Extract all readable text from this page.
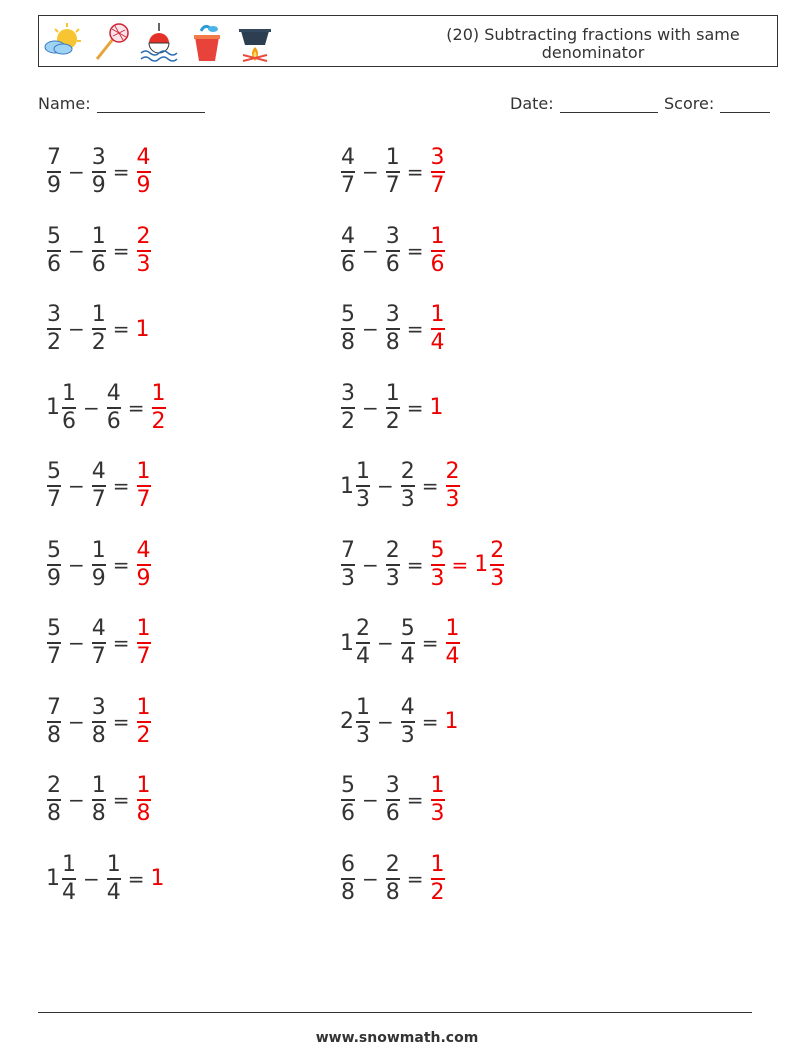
(20) Subtracting fractions with same denominator
Name:	Date:	Score:
$\frac{7}{9} - \frac{3}{9} = \frac{4}{9}$	$\frac{4}{7} - \frac{1}{7} = \frac{3}{7}$
$\frac{5}{6} - \frac{1}{6} = \frac{2}{3}$	$\frac{4}{6} - \frac{3}{6} = \frac{1}{6}$
$\frac{3}{2} - \frac{1}{2} = 1$	$\frac{5}{8} - \frac{3}{8} = \frac{1}{4}$
$1 \frac{1}{6} - \frac{4}{6} = \frac{1}{2}$	$\frac{3}{2} - \frac{1}{2} = 1$
$\frac{5}{7} - \frac{4}{7} = \frac{1}{7}$	$1 \frac{1}{3} - \frac{2}{3} = \frac{2}{3}$
$\frac{5}{9} - \frac{1}{9} = \frac{4}{9}$	$\frac{7}{3} - \frac{2}{3} = \frac{5}{3} = 1 \frac{2}{3}$
$\frac{5}{7} - \frac{4}{7} = \frac{1}{7}$	$1 \frac{2}{4} - \frac{5}{4} = \frac{1}{4}$
$\frac{7}{8} - \frac{3}{8} = \frac{1}{2}$	$2 \frac{1}{3} - \frac{4}{3} = 1$
$\frac{2}{8} - \frac{1}{8} = \frac{1}{8}$	$\frac{5}{6} - \frac{3}{6} = \frac{1}{3}$
$1 \frac{1}{4} - \frac{1}{4} = 1$	$\frac{6}{8} - \frac{2}{8} = \frac{1}{2}$
www.snowmath.com
